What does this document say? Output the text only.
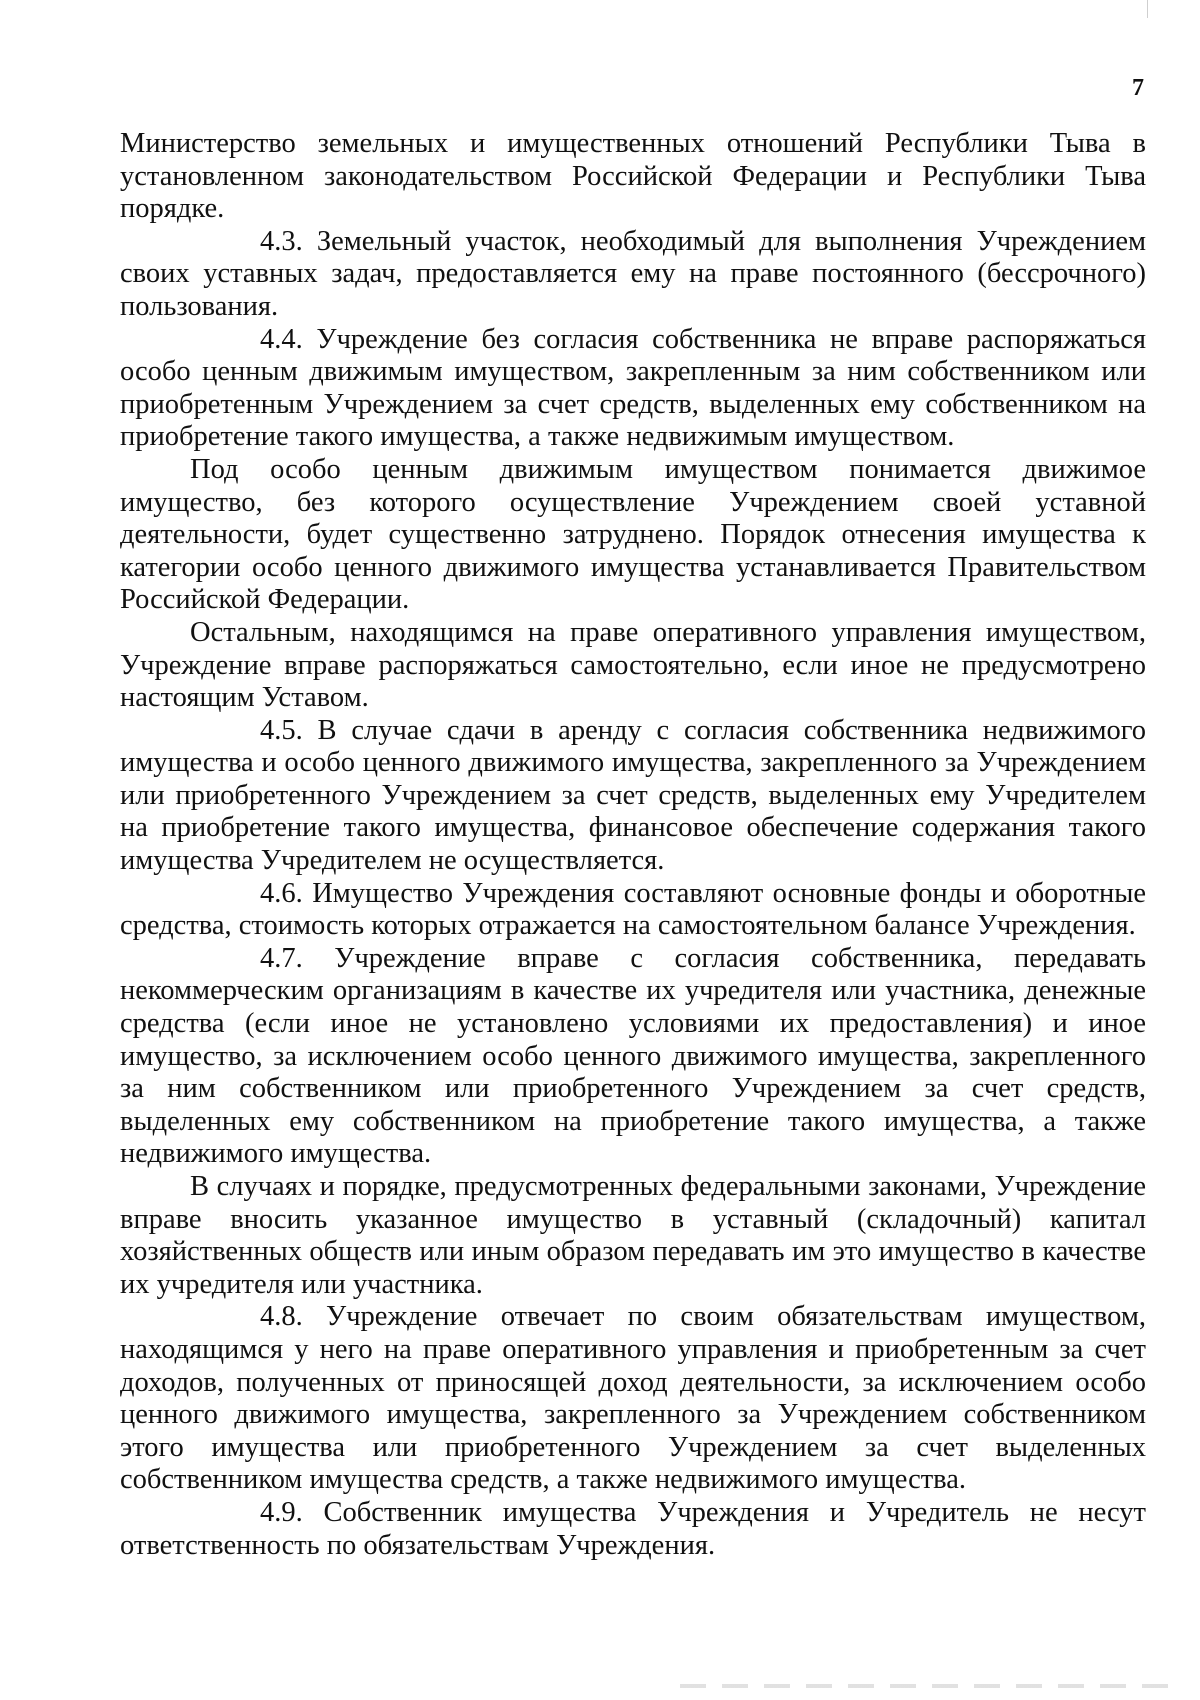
7

Министерство земельных и имущественных отношений Республики Тыва в установленном законодательством Российской Федерации и Республики Тыва порядке.

4.3. Земельный участок, необходимый для выполнения Учреждением своих уставных задач, предоставляется ему на праве постоянного (бессрочного) пользования.

4.4. Учреждение без согласия собственника не вправе распоряжаться особо ценным движимым имуществом, закрепленным за ним собственником или приобретенным Учреждением за счет средств, выделенных ему собственником на приобретение такого имущества, а также недвижимым имуществом.

Под особо ценным движимым имуществом понимается движимое имущество, без которого осуществление Учреждением своей уставной деятельности, будет существенно затруднено. Порядок отнесения имущества к категории особо ценного движимого имущества устанавливается Правительством Российской Федерации.

Остальным, находящимся на праве оперативного управления имуществом, Учреждение вправе распоряжаться самостоятельно, если иное не предусмотрено настоящим Уставом.

4.5. В случае сдачи в аренду с согласия собственника недвижимого имущества и особо ценного движимого имущества, закрепленного за Учреждением или приобретенного Учреждением за счет средств, выделенных ему Учредителем на приобретение такого имущества, финансовое обеспечение содержания такого имущества Учредителем не осуществляется.

4.6. Имущество Учреждения составляют основные фонды и оборотные средства, стоимость которых отражается на самостоятельном балансе Учреждения.

4.7. Учреждение вправе с согласия собственника, передавать некоммерческим организациям в качестве их учредителя или участника, денежные средства (если иное не установлено условиями их предоставления) и иное имущество, за исключением особо ценного движимого имущества, закрепленного за ним собственником или приобретенного Учреждением за счет средств, выделенных ему собственником на приобретение такого имущества, а также недвижимого имущества.

В случаях и порядке, предусмотренных федеральными законами, Учреждение вправе вносить указанное имущество в уставный (складочный) капитал хозяйственных обществ или иным образом передавать им это имущество в качестве их учредителя или участника.

4.8. Учреждение отвечает по своим обязательствам имуществом, находящимся у него на праве оперативного управления и приобретенным за счет доходов, полученных от приносящей доход деятельности, за исключением особо ценного движимого имущества, закрепленного за Учреждением собственником этого имущества или приобретенного Учреждением за счет выделенных собственником имущества средств, а также недвижимого имущества.

4.9. Собственник имущества Учреждения и Учредитель не несут ответственность по обязательствам Учреждения.
